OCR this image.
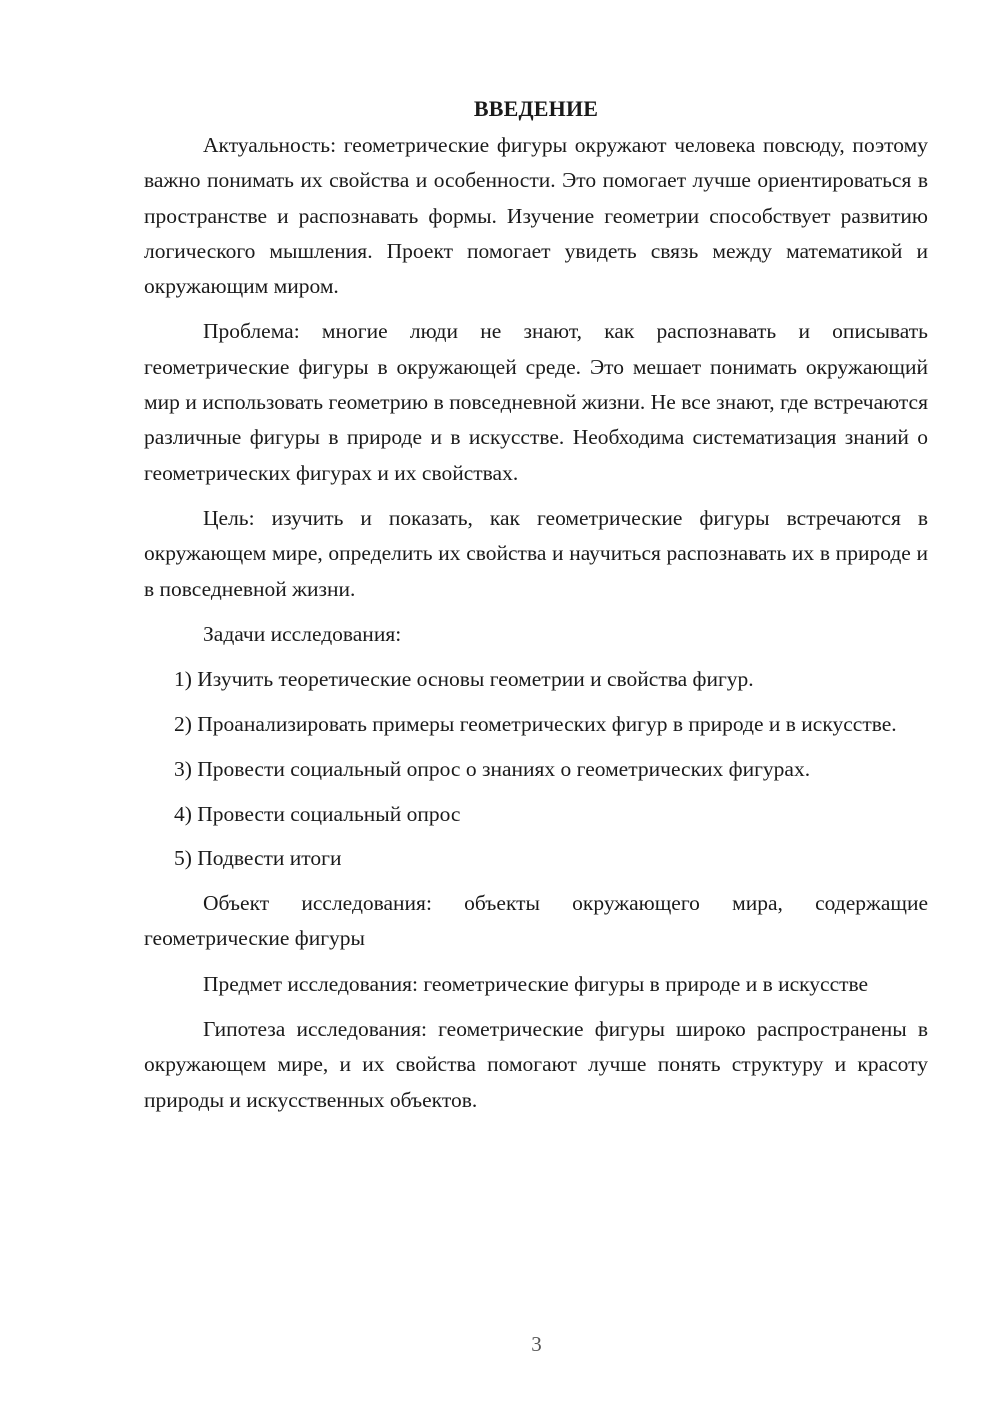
ВВЕДЕНИЕ

Актуальность: геометрические фигуры окружают человека повсюду, поэтому важно понимать их свойства и особенности. Это помогает лучше ориентироваться в пространстве и распознавать формы. Изучение геометрии способствует развитию логического мышления. Проект помогает увидеть связь между математикой и окружающим миром.

Проблема: многие люди не знают, как распознавать и описывать геометрические фигуры в окружающей среде. Это мешает понимать окружающий мир и использовать геометрию в повседневной жизни. Не все знают, где встречаются различные фигуры в природе и в искусстве. Необходима систематизация знаний о геометрических фигурах и их свойствах.

Цель: изучить и показать, как геометрические фигуры встречаются в окружающем мире, определить их свойства и научиться распознавать их в природе и в повседневной жизни.

Задачи исследования:

1) Изучить теоретические основы геометрии и свойства фигур.

2) Проанализировать примеры геометрических фигур в природе и в искусстве.

3) Провести социальный опрос о знаниях о геометрических фигурах.

4) Провести социальный опрос

5) Подвести итоги

Объект исследования: объекты окружающего мира, содержащие геометрические фигуры

Предмет исследования: геометрические фигуры в природе и в искусстве

Гипотеза исследования: геометрические фигуры широко распространены в окружающем мире, и их свойства помогают лучше понять структуру и красоту природы и искусственных объектов.

3
